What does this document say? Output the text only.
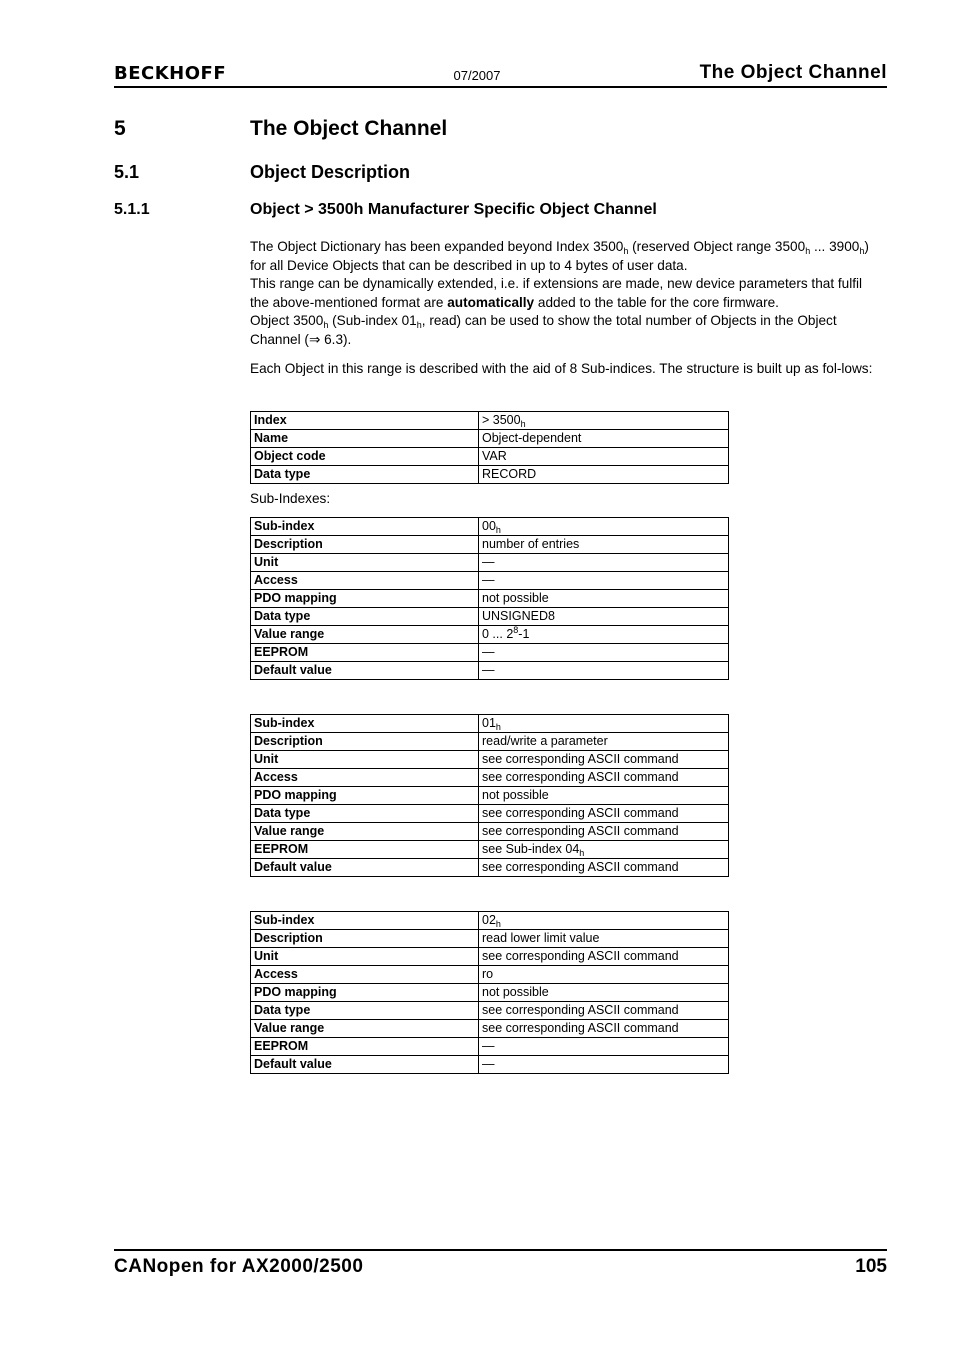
BECKHOFF	07/2007	The Object Channel
5	The Object Channel
5.1	Object Description
5.1.1	Object > 3500h Manufacturer Specific Object Channel

The Object Dictionary has been expanded beyond Index $3500_h$ (reserved Object range $3500_h$ ... $3900_h$) for all Device Objects that can be described in up to 4 bytes of user data.

This range can be dynamically extended, i.e. if extensions are made, new device parameters that fulfil the above-mentioned format are automatically added to the table for the core firmware.

Object $3500_h$ (Sub-index $01_h$, read) can be used to show the total number of Objects in the Object Channel (⇒ 6.3).

Each Object in this range is described with the aid of 8 Sub-indices. The structure is built up as fol-lows:
Index	> $3500_h$
Name	Object-dependent
Object code	VAR
Data type	RECORD
Sub-Indexes:
Sub-index	$00_h$
Description	number of entries
Unit	—
Access	—
PDO mapping	not possible
Data type	UNSIGNED8
Value range	0 ... $2^8-1$
EEPROM	—
Default value	—
Sub-index	$01_h$
Description	read/write a parameter
Unit	see corresponding ASCII command
Access	see corresponding ASCII command
PDO mapping	not possible
Data type	see corresponding ASCII command
Value range	see corresponding ASCII command
EEPROM	see Sub-index $04_h$
Default value	see corresponding ASCII command
Sub-index	$02_h$
Description	read lower limit value
Unit	see corresponding ASCII command
Access	ro
PDO mapping	not possible
Data type	see corresponding ASCII command
Value range	see corresponding ASCII command
EEPROM	—
Default value	—
CANopen for AX2000/2500	105
